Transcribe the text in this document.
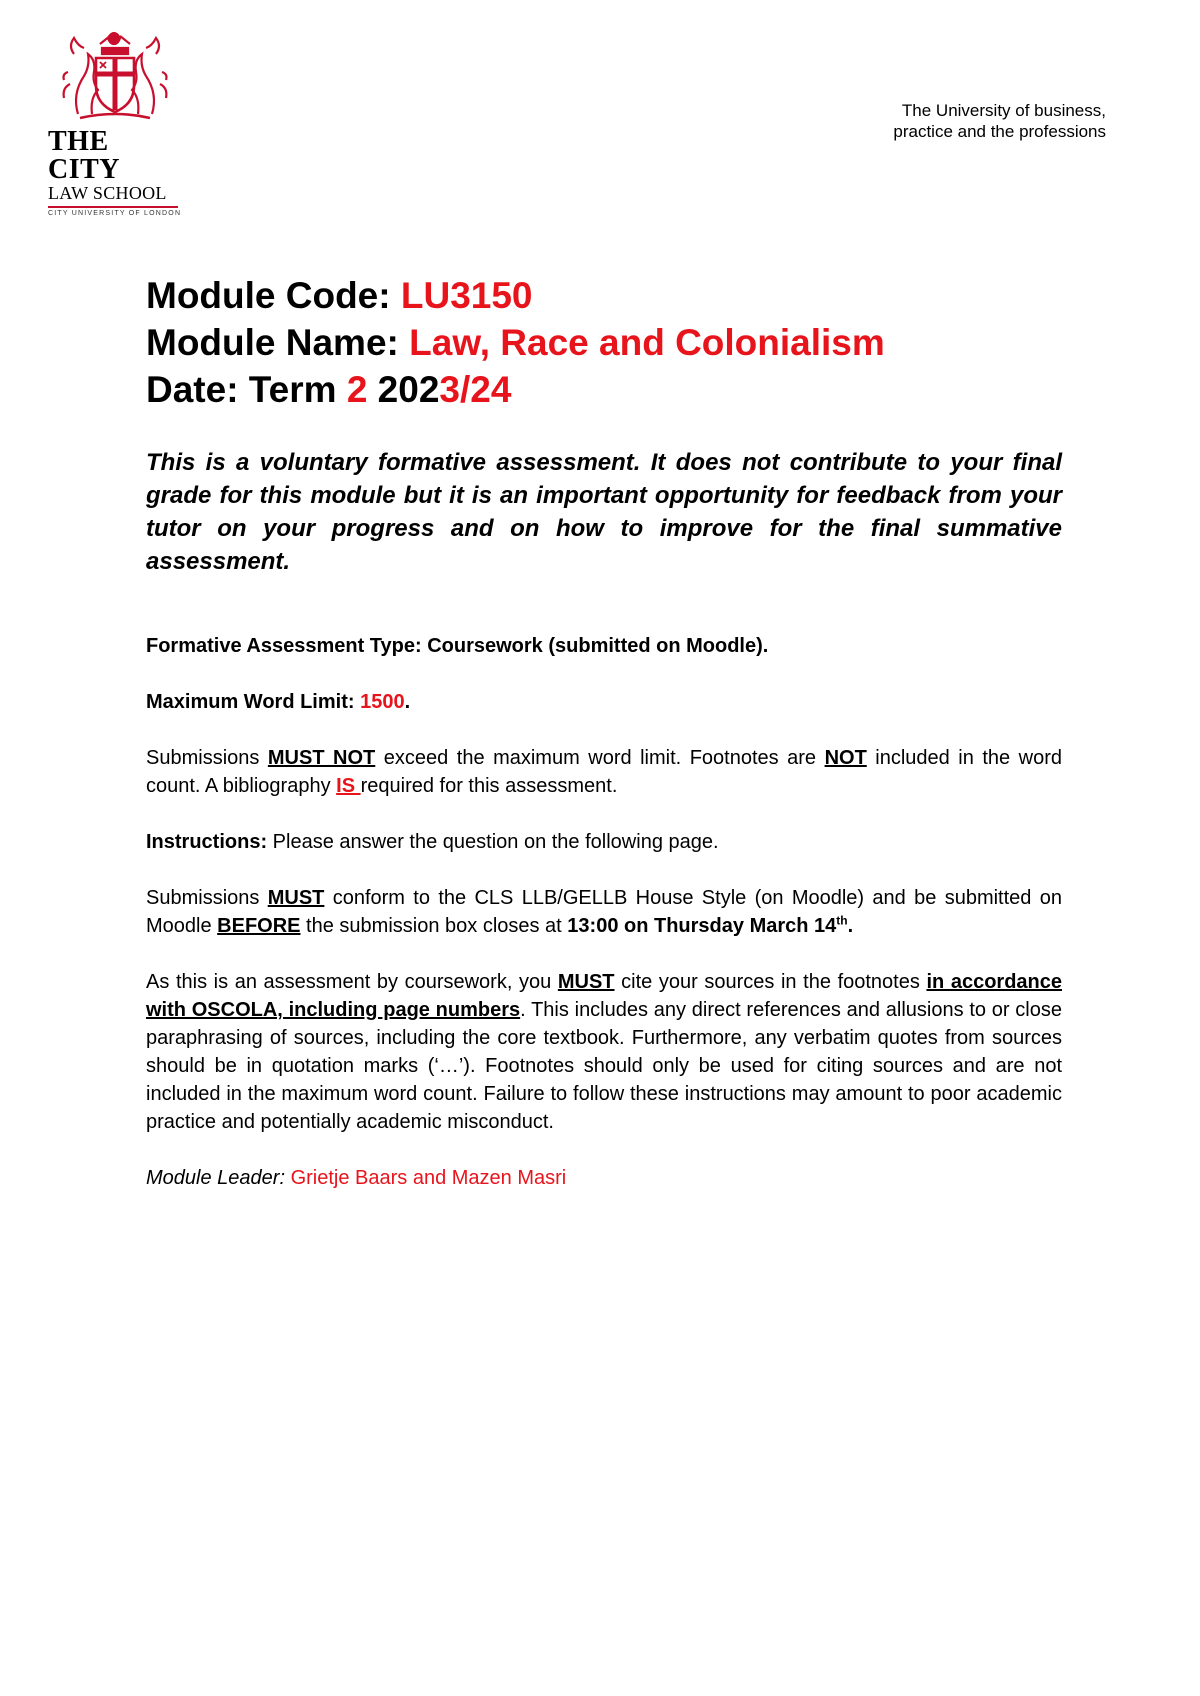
THE CITY
LAW SCHOOL
CITY UNIVERSITY OF LONDON
The University of business,
practice and the professions
Module Code: LU3150
Module Name: Law, Race and Colonialism
Date: Term 2 2023/24

This is a voluntary formative assessment. It does not contribute to your final grade for this module but it is an important opportunity for feedback from your tutor on your progress and on how to improve for the final summative assessment.

Formative Assessment Type: Coursework (submitted on Moodle).

Maximum Word Limit: 1500.

Submissions MUST NOT exceed the maximum word limit. Footnotes are NOT included in the word count. A bibliography IS required for this assessment.

Instructions: Please answer the question on the following page.

Submissions MUST conform to the CLS LLB/GELLB House Style (on Moodle) and be submitted on Moodle BEFORE the submission box closes at 13:00 on Thursday March 14th.

As this is an assessment by coursework, you MUST cite your sources in the footnotes in accordance with OSCOLA, including page numbers. This includes any direct references and allusions to or close paraphrasing of sources, including the core textbook. Furthermore, any verbatim quotes from sources should be in quotation marks (‘…’). Footnotes should only be used for citing sources and are not included in the maximum word count. Failure to follow these instructions may amount to poor academic practice and potentially academic misconduct.

Module Leader: Grietje Baars and Mazen Masri
